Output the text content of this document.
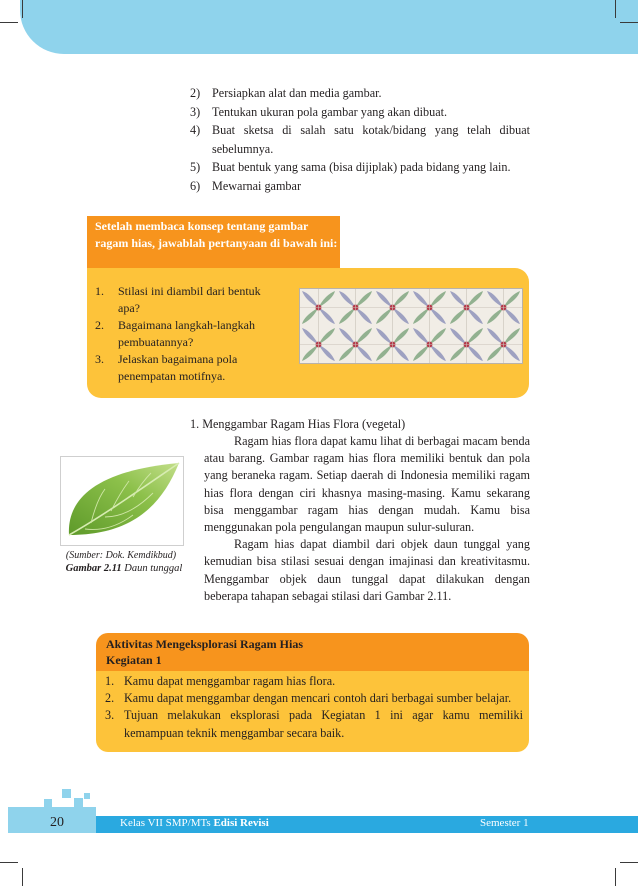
2) Persiapkan alat dan media gambar.
3) Tentukan ukuran pola gambar yang akan dibuat.
4) Buat sketsa di salah satu kotak/bidang yang telah dibuat sebelumnya.
5) Buat bentuk yang sama (bisa dijiplak) pada bidang yang lain.
6) Mewarnai gambar
Setelah membaca konsep tentang gambar ragam hias, jawablah pertanyaan di bawah ini:
1.	Stilasi ini diambil dari bentuk apa?
2.	Bagaimana langkah-langkah pembuatannya?
3.	Jelaskan bagaimana pola penempatan motifnya.
1. Menggambar Ragam Hias Flora (vegetal)

Ragam hias flora dapat kamu lihat di berbagai macam benda atau barang. Gambar ragam hias flora memiliki bentuk dan pola yang beraneka ragam. Setiap daerah di Indonesia memiliki ragam hias flora dengan ciri khasnya masing-masing. Kamu sekarang bisa menggambar ragam hias dengan mudah. Kamu bisa menggunakan pola pengulangan maupun sulur-suluran.

Ragam hias dapat diambil dari objek daun tunggal yang kemudian bisa stilasi sesuai dengan imajinasi dan kreativitasmu. Menggambar objek daun tunggal dapat dilakukan dengan beberapa tahapan sebagai stilasi dari Gambar 2.11.

(Sumber: Dok. Kemdikbud)
Gambar 2.11 Daun tunggal
Aktivitas Mengeksplorasi Ragam Hias
Kegiatan 1
1. Kamu dapat menggambar ragam hias flora.
2. Kamu dapat menggambar dengan mencari contoh dari berbagai sumber belajar.
3. Tujuan melakukan eksplorasi pada Kegiatan 1 ini agar kamu memiliki kemampuan teknik menggambar secara baik.
20	Kelas VII SMP/MTs Edisi Revisi	Semester 1
